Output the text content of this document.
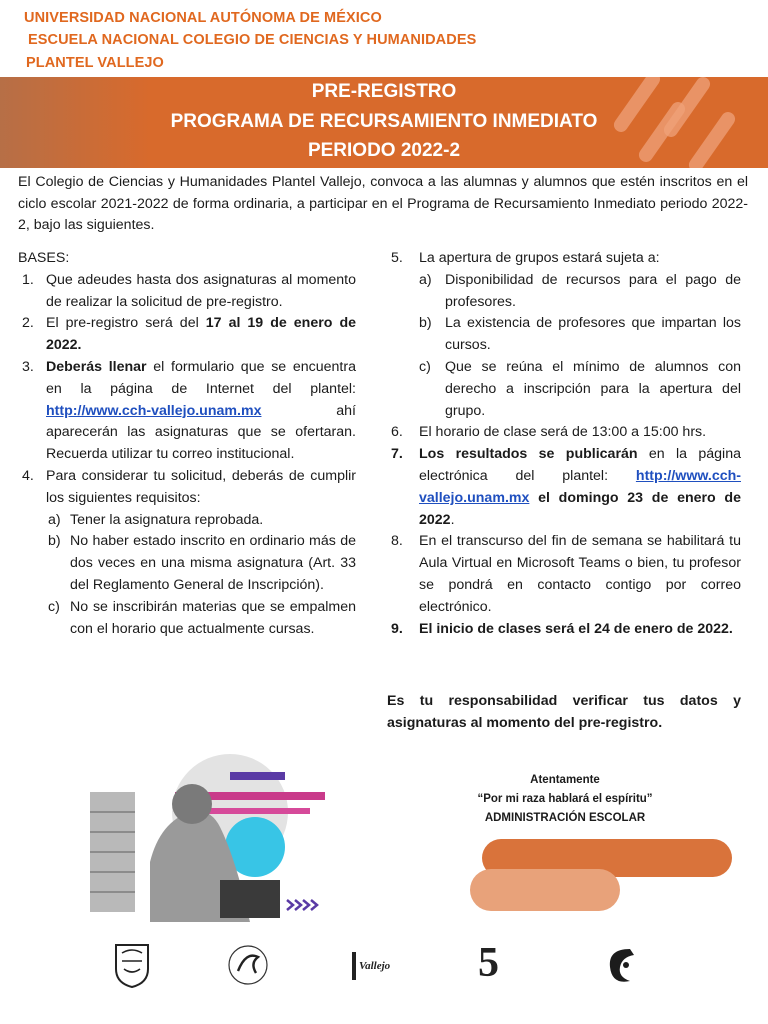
UNIVERSIDAD NACIONAL AUTÓNOMA DE MÉXICO
ESCUELA NACIONAL COLEGIO DE CIENCIAS Y HUMANIDADES
PLANTEL VALLEJO
PRE-REGISTRO
PROGRAMA DE RECURSAMIENTO INMEDIATO
PERIODO 2022-2
El Colegio de Ciencias y Humanidades Plantel Vallejo, convoca a las alumnas y alumnos que estén inscritos en el ciclo escolar 2021-2022 de forma ordinaria, a participar en el Programa de Recursamiento Inmediato periodo 2022-2, bajo las siguientes.
BASES:
1. Que adeudes hasta dos asignaturas al momento de realizar la solicitud de pre-registro.
2. El pre-registro será del 17 al 19 de enero de 2022.
3. Deberás llenar el formulario que se encuentra en la página de Internet del plantel: http://www.cch-vallejo.unam.mx ahí aparecerán las asignaturas que se ofertaran. Recuerda utilizar tu correo institucional.
4. Para considerar tu solicitud, deberás de cumplir los siguientes requisitos:
a) Tener la asignatura reprobada.
b) No haber estado inscrito en ordinario más de dos veces en una misma asignatura (Art. 33 del Reglamento General de Inscripción).
c) No se inscribirán materias que se empalmen con el horario que actualmente cursas.
5. La apertura de grupos estará sujeta a:
a) Disponibilidad de recursos para el pago de profesores.
b) La existencia de profesores que impartan los cursos.
c) Que se reúna el mínimo de alumnos con derecho a inscripción para la apertura del grupo.
6. El horario de clase será de 13:00 a 15:00 hrs.
7. Los resultados se publicarán en la página electrónica del plantel: http://www.cch-vallejo.unam.mx el domingo 23 de enero de 2022.
8. En el transcurso del fin de semana se habilitará tu Aula Virtual en Microsoft Teams o bien, tu profesor se pondrá en contacto contigo por correo electrónico.
9. El inicio de clases será el 24 de enero de 2022.
Es tu responsabilidad verificar tus datos y asignaturas al momento del pre-registro.
Atentamente
“Por mi raza hablará el espíritu”
ADMINISTRACIÓN ESCOLAR
Vallejo	5
